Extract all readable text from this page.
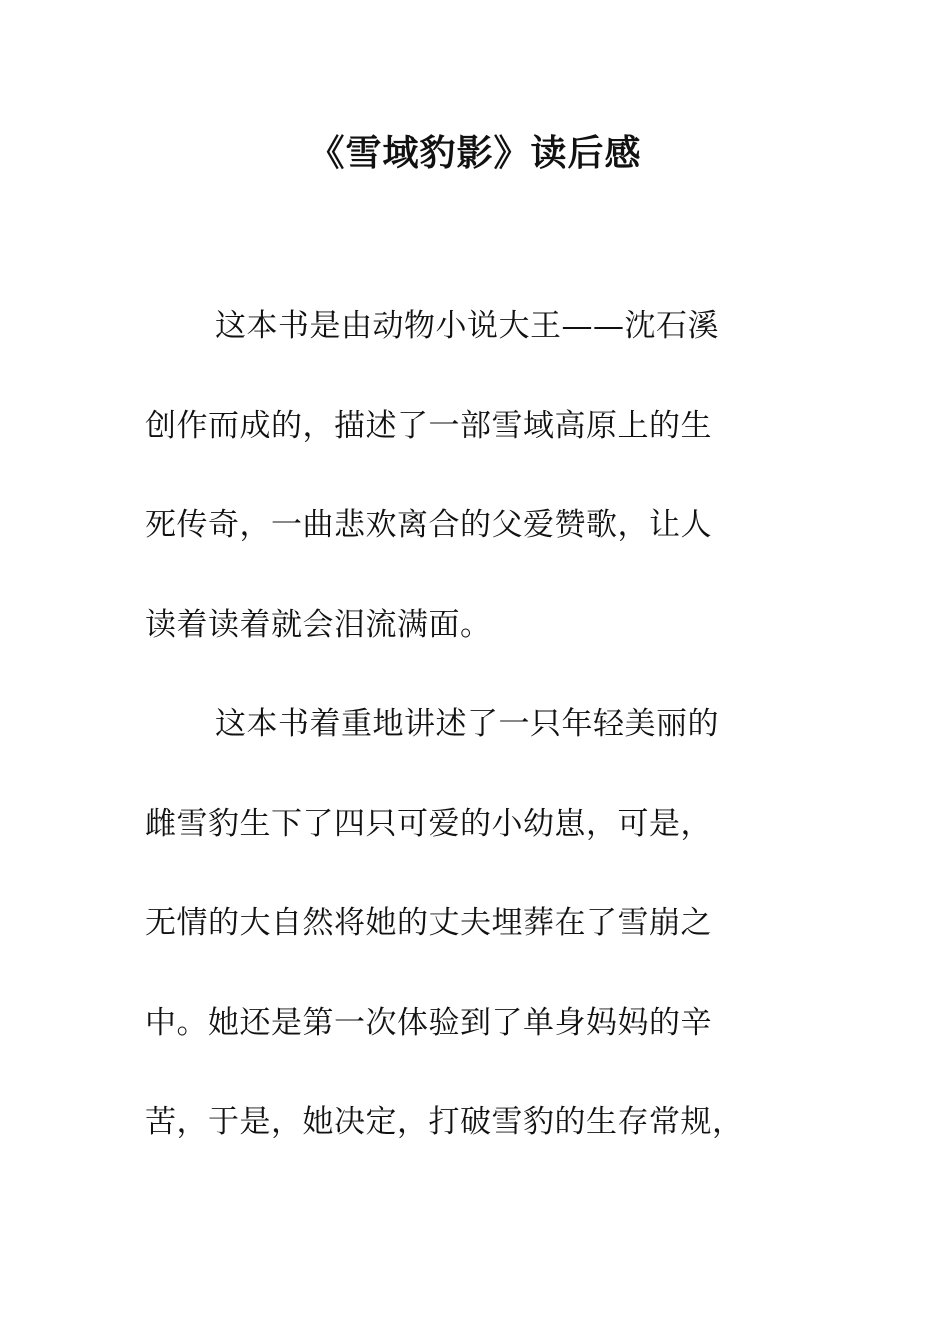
《雪域豹影》读后感
这本书是由动物小说大王——沈石溪
创作而成的，描述了一部雪域高原上的生
死传奇，一曲悲欢离合的父爱赞歌，让人
读着读着就会泪流满面。
这本书着重地讲述了一只年轻美丽的
雌雪豹生下了四只可爱的小幼崽，可是，
无情的大自然将她的丈夫埋葬在了雪崩之
中。她还是第一次体验到了单身妈妈的辛
苦，于是，她决定，打破雪豹的生存常规，
